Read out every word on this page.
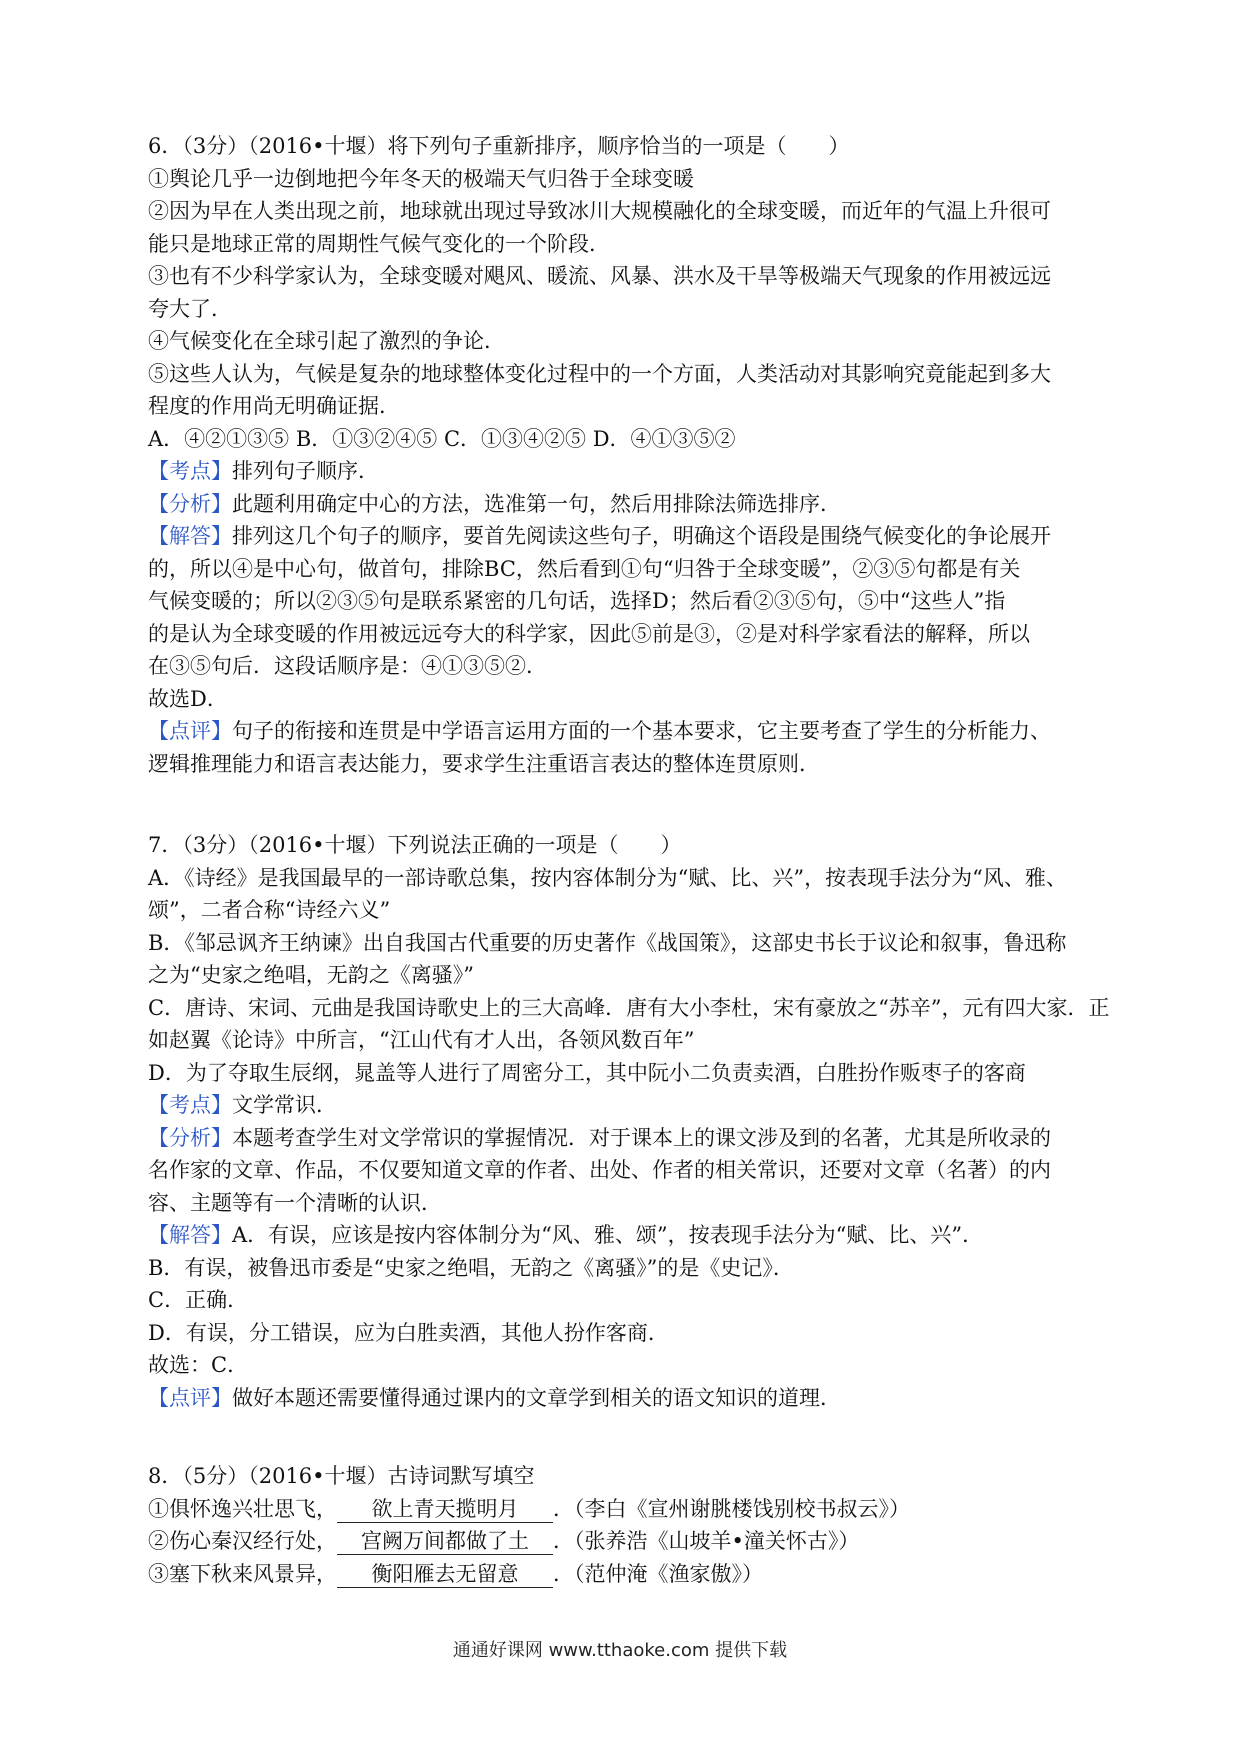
6．（3分）（2016•十堰）将下列句子重新排序，顺序恰当的一项是（　　）

①舆论几乎一边倒地把今年冬天的极端天气归咎于全球变暖

②因为早在人类出现之前，地球就出现过导致冰川大规模融化的全球变暖，而近年的气温上升很可

能只是地球正常的周期性气候气变化的一个阶段．

③也有不少科学家认为，全球变暖对飓风、暖流、风暴、洪水及干旱等极端天气现象的作用被远远

夸大了．

④气候变化在全球引起了激烈的争论．

⑤这些人认为，气候是复杂的地球整体变化过程中的一个方面，人类活动对其影响究竟能起到多大

程度的作用尚无明确证据．

A．④②①③⑤ B．①③②④⑤ C．①③④②⑤ D．④①③⑤②

【考点】排列句子顺序．

【分析】此题利用确定中心的方法，选准第一句，然后用排除法筛选排序．

【解答】排列这几个句子的顺序，要首先阅读这些句子，明确这个语段是围绕气候变化的争论展开

的，所以④是中心句，做首句，排除BC，然后看到①句“归咎于全球变暖”，②③⑤句都是有关

气候变暖的；所以②③⑤句是联系紧密的几句话，选择D；然后看②③⑤句，⑤中“这些人”指

的是认为全球变暖的作用被远远夸大的科学家，因此⑤前是③，②是对科学家看法的解释，所以

在③⑤句后．这段话顺序是：④①③⑤②．

故选D．

【点评】句子的衔接和连贯是中学语言运用方面的一个基本要求，它主要考查了学生的分析能力、

逻辑推理能力和语言表达能力，要求学生注重语言表达的整体连贯原则．

7．（3分）（2016•十堰）下列说法正确的一项是（　　）

A．《诗经》是我国最早的一部诗歌总集，按内容体制分为“赋、比、兴”，按表现手法分为“风、雅、

颂”，二者合称“诗经六义”

B．《邹忌讽齐王纳谏》出自我国古代重要的历史著作《战国策》，这部史书长于议论和叙事，鲁迅称

之为“史家之绝唱，无韵之《离骚》”

C．唐诗、宋词、元曲是我国诗歌史上的三大高峰．唐有大小李杜，宋有豪放之“苏辛”，元有四大家．正

如赵翼《论诗》中所言，“江山代有才人出，各领风数百年”

D．为了夺取生辰纲，晁盖等人进行了周密分工，其中阮小二负责卖酒，白胜扮作贩枣子的客商

【考点】文学常识．

【分析】本题考查学生对文学常识的掌握情况．对于课本上的课文涉及到的名著，尤其是所收录的

名作家的文章、作品，不仅要知道文章的作者、出处、作者的相关常识，还要对文章（名著）的内

容、主题等有一个清晰的认识．

【解答】A．有误，应该是按内容体制分为“风、雅、颂”，按表现手法分为“赋、比、兴”．

B．有误，被鲁迅市委是“史家之绝唱，无韵之《离骚》”的是《史记》．

C．正确．

D．有误，分工错误，应为白胜卖酒，其他人扮作客商．

故选：C．

【点评】做好本题还需要懂得通过课内的文章学到相关的语文知识的道理．

8．（5分）（2016•十堰）古诗词默写填空

①俱怀逸兴壮思飞， 欲上青天揽明月 ．（李白《宣州谢朓楼饯别校书叔云》）

②伤心秦汉经行处， 宫阙万间都做了土 ．（张养浩《山坡羊•潼关怀古》）

③塞下秋来风景异， 衡阳雁去无留意 ．（范仲淹《渔家傲》）

通通好课网 www.tthaoke.com 提供下载
